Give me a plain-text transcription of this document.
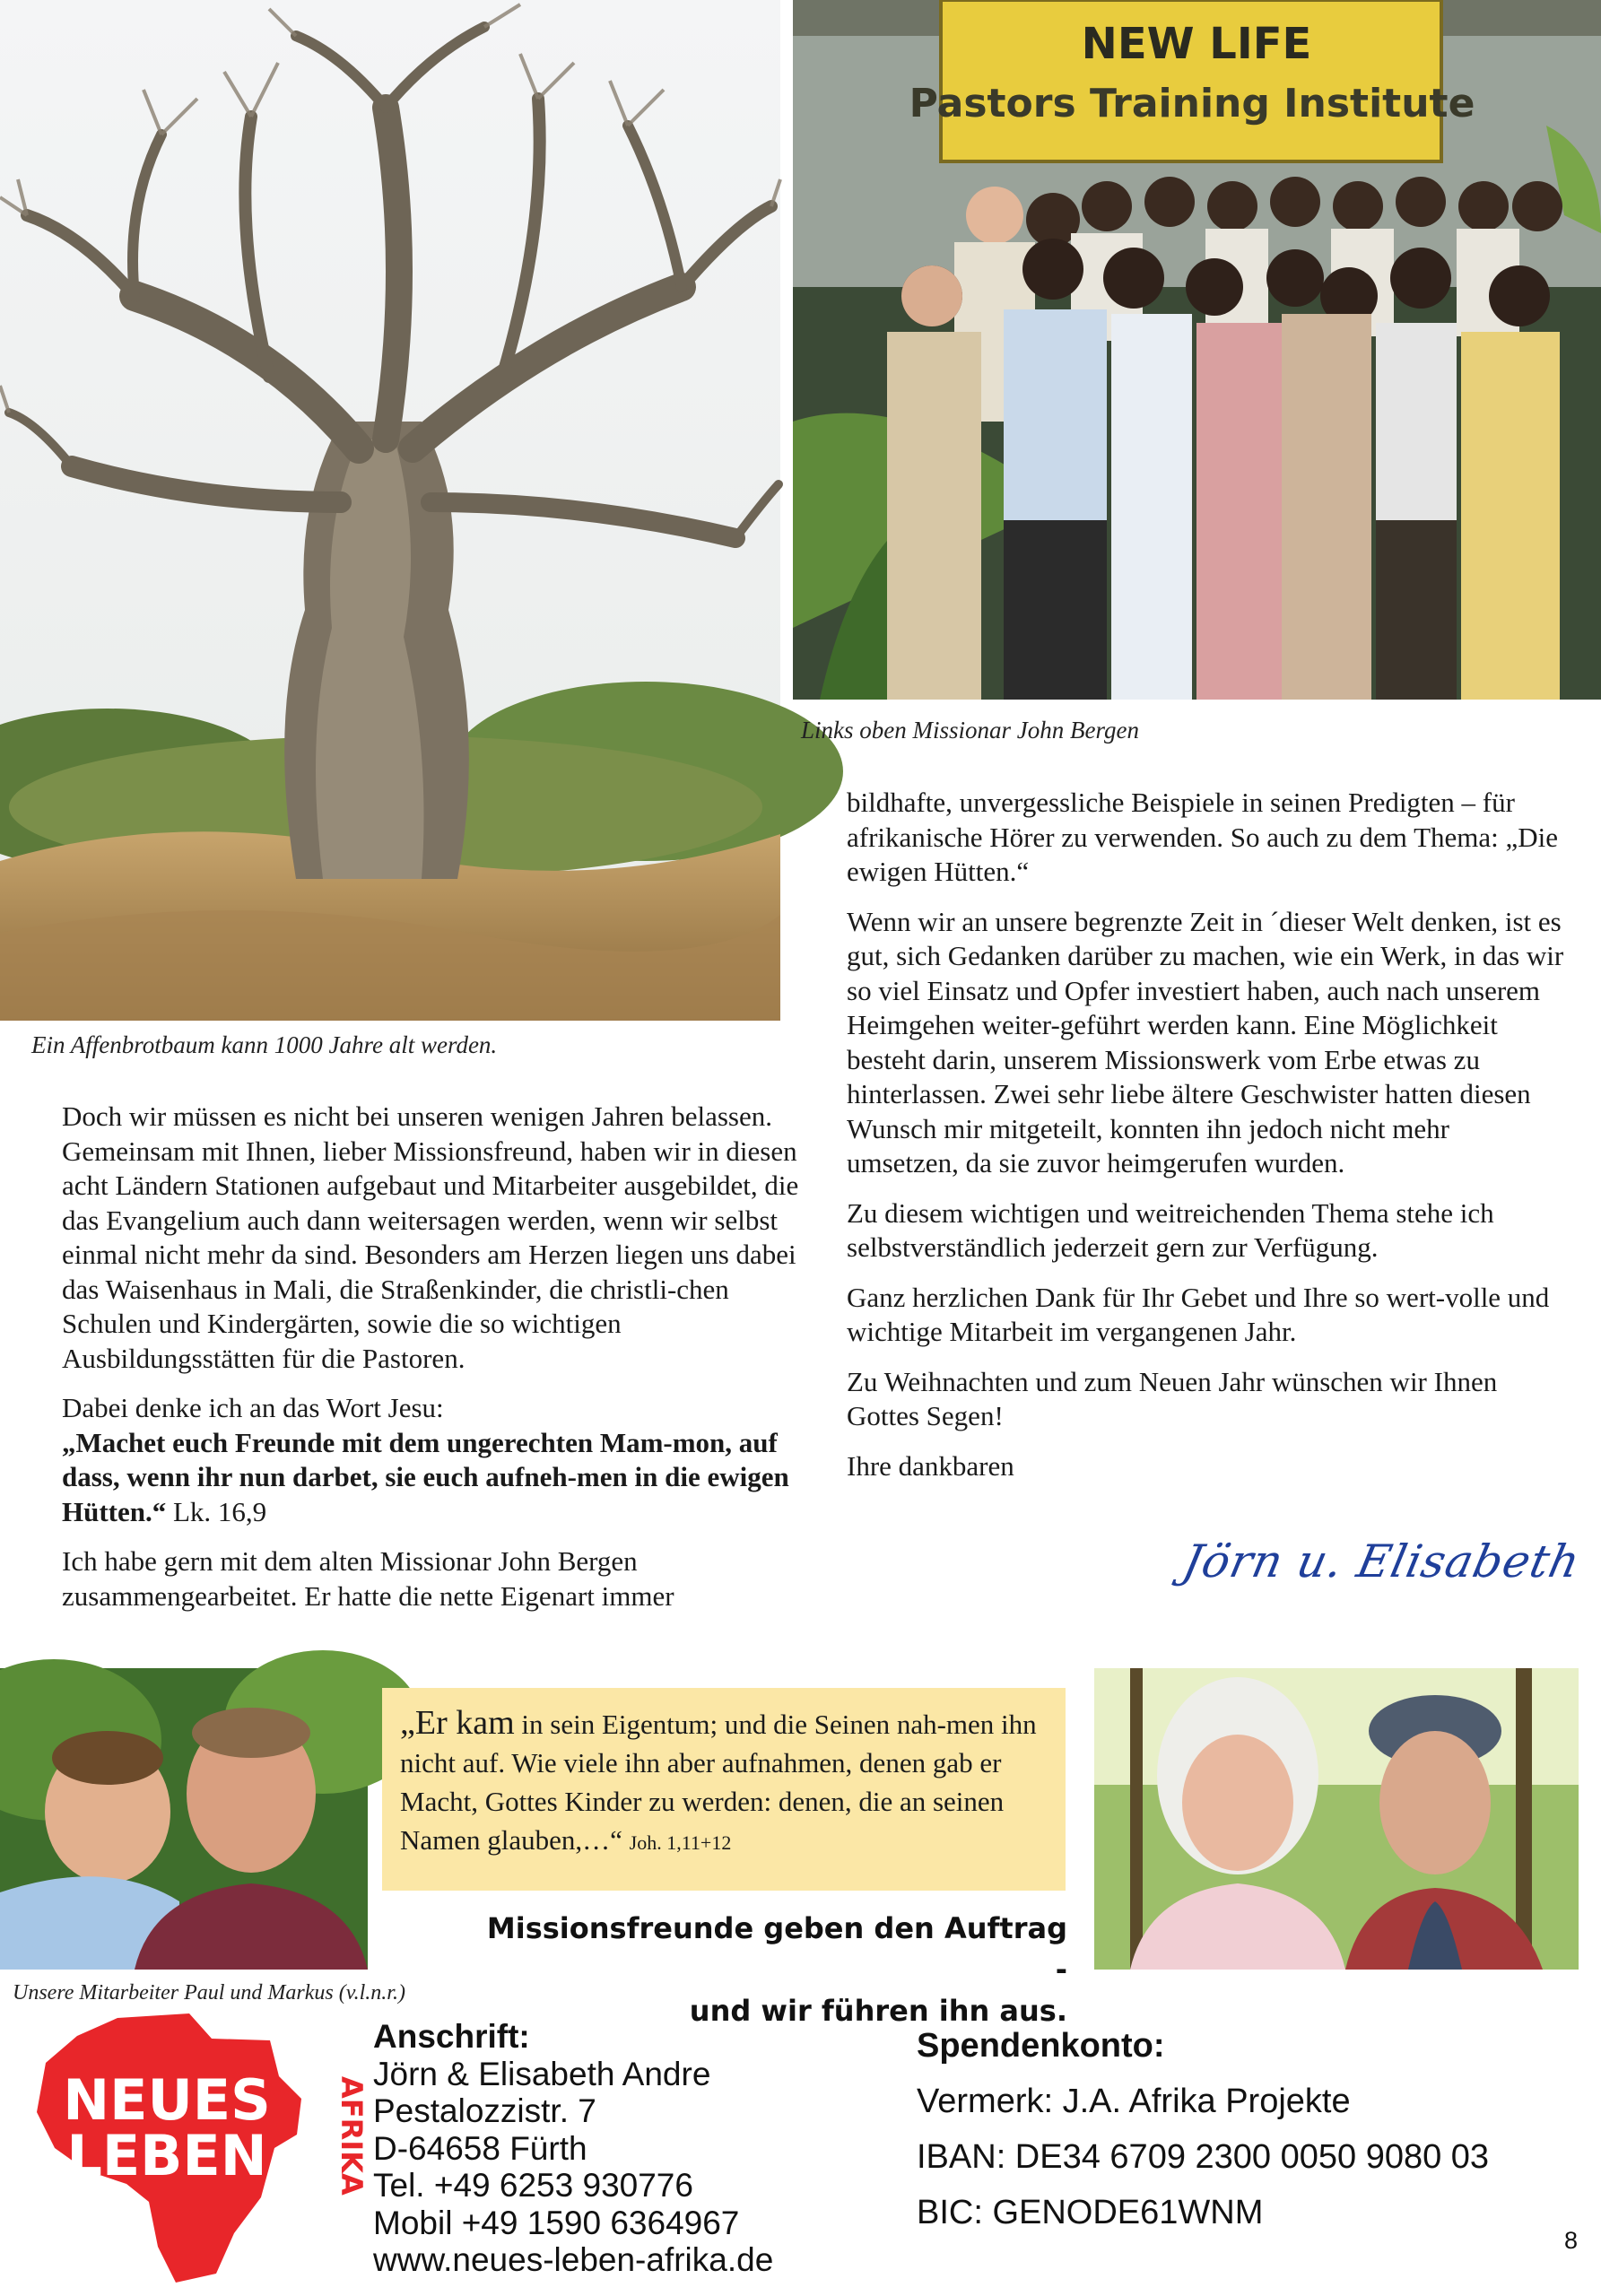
NEW LIFE
Pastors Training Institute
Links oben Missionar John Bergen
Ein Affenbrotbaum kann 1000 Jahre alt werden.

Doch wir müssen es nicht bei unseren wenigen Jahren belassen. Gemeinsam mit Ihnen, lieber Missionsfreund, haben wir in diesen acht Ländern Stationen aufgebaut und Mitarbeiter ausgebildet, die das Evangelium auch dann weitersagen werden, wenn wir selbst einmal nicht mehr da sind. Besonders am Herzen liegen uns dabei das Waisenhaus in Mali, die Straßenkinder, die christli-chen Schulen und Kindergärten, sowie die so wichtigen Ausbildungsstätten für die Pastoren.

Dabei denke ich an das Wort Jesu:
„Machet euch Freunde mit dem ungerechten Mam-mon, auf dass, wenn ihr nun darbet, sie euch aufneh-men in die ewigen Hütten.“ Lk. 16,9

Ich habe gern mit dem alten Missionar John Bergen zusammengearbeitet. Er hatte die nette Eigenart immer

bildhafte, unvergessliche Beispiele in seinen Predigten – für afrikanische Hörer zu verwenden. So auch zu dem Thema: „Die ewigen Hütten.“

Wenn wir an unsere begrenzte Zeit in ´dieser Welt denken, ist es gut, sich Gedanken darüber zu machen, wie ein Werk, in das wir so viel Einsatz und Opfer investiert haben, auch nach unserem Heimgehen weiter-geführt werden kann. Eine Möglichkeit besteht darin, unserem Missionswerk vom Erbe etwas zu hinterlassen. Zwei sehr liebe ältere Geschwister hatten diesen Wunsch mir mitgeteilt, konnten ihn jedoch nicht mehr umsetzen, da sie zuvor heimgerufen wurden.

Zu diesem wichtigen und weitreichenden Thema stehe ich selbstverständlich jederzeit gern zur Verfügung.

Ganz herzlichen Dank für Ihr Gebet und Ihre so wert-volle und wichtige Mitarbeit im vergangenen Jahr.

Zu Weihnachten und zum Neuen Jahr wünschen wir Ihnen Gottes Segen!

Ihre dankbaren

Jörn u. Elisabeth
Unsere Mitarbeiter Paul und Markus (v.l.n.r.)
„Er kam in sein Eigentum; und die Seinen nah-men ihn nicht auf. Wie viele ihn aber aufnahmen, denen gab er Macht, Gottes Kinder zu werden: denen, die an seinen Namen glauben,…“ Joh. 1,11+12
Missionsfreunde geben den Auftrag -
und wir führen ihn aus.
NEUES
LEBEN AFRIKA
Anschrift:
Jörn & Elisabeth Andre
Pestalozzistr. 7
D-64658 Fürth
Tel. +49 6253 930776
Mobil +49 1590 6364967
www.neues-leben-afrika.de
Spendenkonto:
Vermerk: J.A. Afrika Projekte
IBAN: DE34 6709 2300 0050 9080 03
BIC: GENODE61WNM
8
